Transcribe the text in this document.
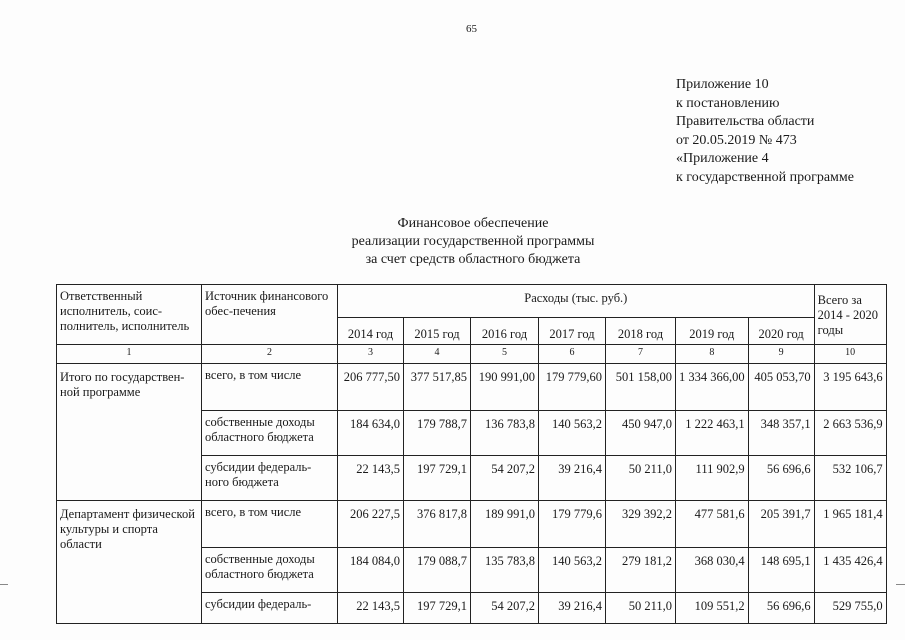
65
Приложение 10
к постановлению
Правительства области
от 20.05.2019 № 473
«Приложение 4
к государственной программе
Финансовое обеспечение
реализации государственной программы
за счет средств областного бюджета
Ответственный исполнитель, соис-полнитель, исполнитель	Источник финансового обес-печения	Расходы (тыс. руб.)							Всего за 2014 - 2020 годы
		2014 год	2015 год	2016 год	2017 год	2018 год	2019 год	2020 год	
1	2	3	4	5	6	7	8	9	10
Итого по государствен-ной программе	всего, в том числе	206 777,50	377 517,85	190 991,00	179 779,60	501 158,00	1 334 366,00	405 053,70	3 195 643,6
	собственные доходы областного бюджета	184 634,0	179 788,7	136 783,8	140 563,2	450 947,0	1 222 463,1	348 357,1	2 663 536,9
	субсидии федераль-ного бюджета	22 143,5	197 729,1	54 207,2	39 216,4	50 211,0	111 902,9	56 696,6	532 106,7
Департамент физической культуры и спорта области	всего, в том числе	206 227,5	376 817,8	189 991,0	179 779,6	329 392,2	477 581,6	205 391,7	1 965 181,4
	собственные доходы областного бюджета	184 084,0	179 088,7	135 783,8	140 563,2	279 181,2	368 030,4	148 695,1	1 435 426,4
	субсидии федераль-	22 143,5	197 729,1	54 207,2	39 216,4	50 211,0	109 551,2	56 696,6	529 755,0
